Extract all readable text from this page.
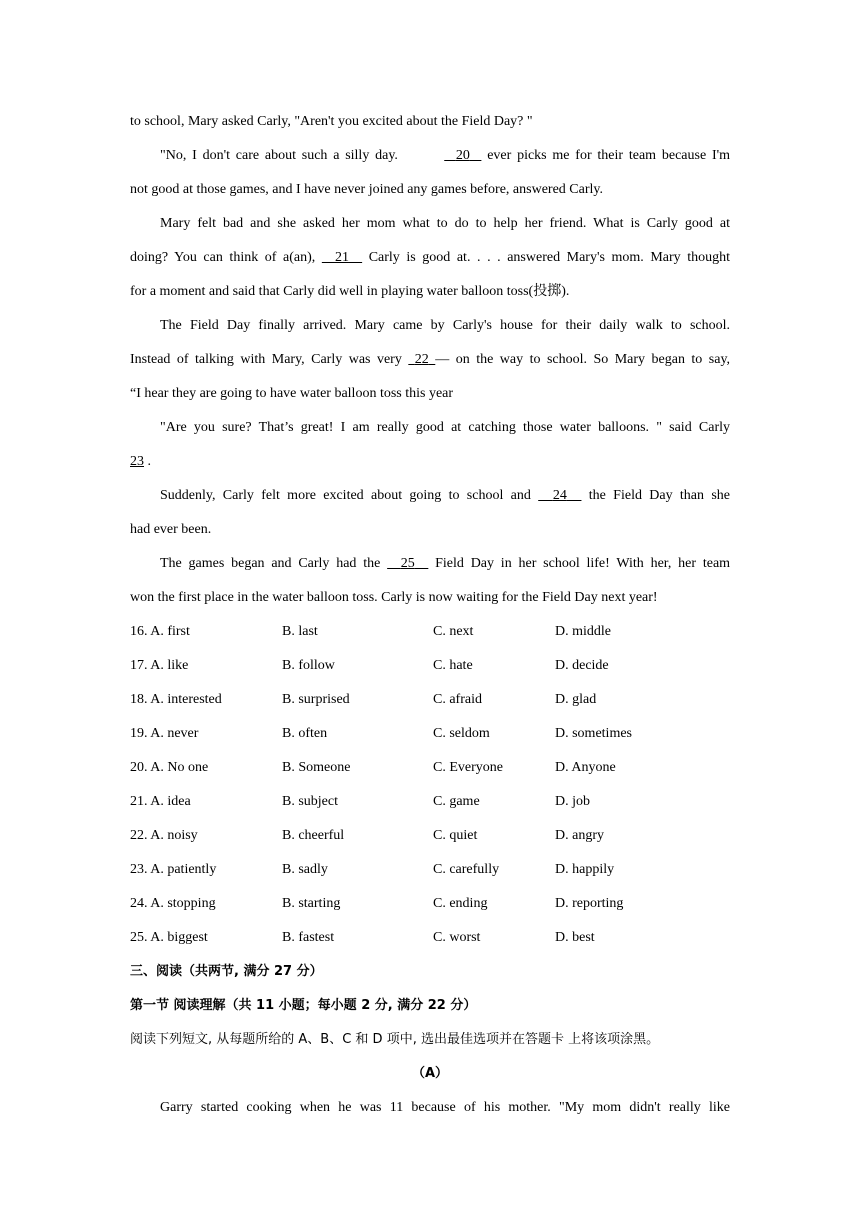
to school, Mary asked Carly, "Aren't you excited about the Field Day? "
"No, I don't care about such a silly day.	20 ever picks me for their team because I'm
not good at those games, and I have never joined any games before, answered Carly.
Mary felt bad and she asked her mom what to do to help her friend. What is Carly good at
doing? You can think of a(an), 21 Carly is good at. . . . answered Mary's mom. Mary thought
for a moment and said that Carly did well in playing water balloon toss(投掷).
The Field Day finally arrived. Mary came by Carly's house for their daily walk to school.
Instead of talking with Mary, Carly was very 22 — on the way to school. So Mary began to say,
“I hear they are going to have water balloon toss this year
"Are you sure? That’s great! I am really good at catching those water balloons. " said Carly
23 .
Suddenly, Carly felt more excited about going to school and 24 the Field Day than she
had ever been.
The games began and Carly had the 25 Field Day in her school life! With her, her team
won the first place in the water balloon toss. Carly is now waiting for the Field Day next year!
16. A. first	B. last	C. next	D. middle
17. A. like	B. follow	C. hate	D. decide
18. A. interested	B. surprised	C. afraid	D. glad
19. A. never	B. often	C. seldom	D. sometimes
20. A. No one	B. Someone	C. Everyone	D. Anyone
21. A. idea	B. subject	C. game	D. job
22. A. noisy	B. cheerful	C. quiet	D. angry
23. A. patiently	B. sadly	C. carefully	D. happily
24. A. stopping	B. starting	C. ending	D. reporting
25. A. biggest	B. fastest	C. worst	D. best
三、阅读（共两节, 满分 27 分）
第一节 阅读理解（共 11 小题；每小题 2 分, 满分 22 分）
阅读下列短文, 从每题所给的 A、B、C 和 D 项中, 选出最佳选项并在答题卡 上将该项涂黑。
（A）
Garry started cooking when he was 11 because of his mother. "My mom didn't really like
